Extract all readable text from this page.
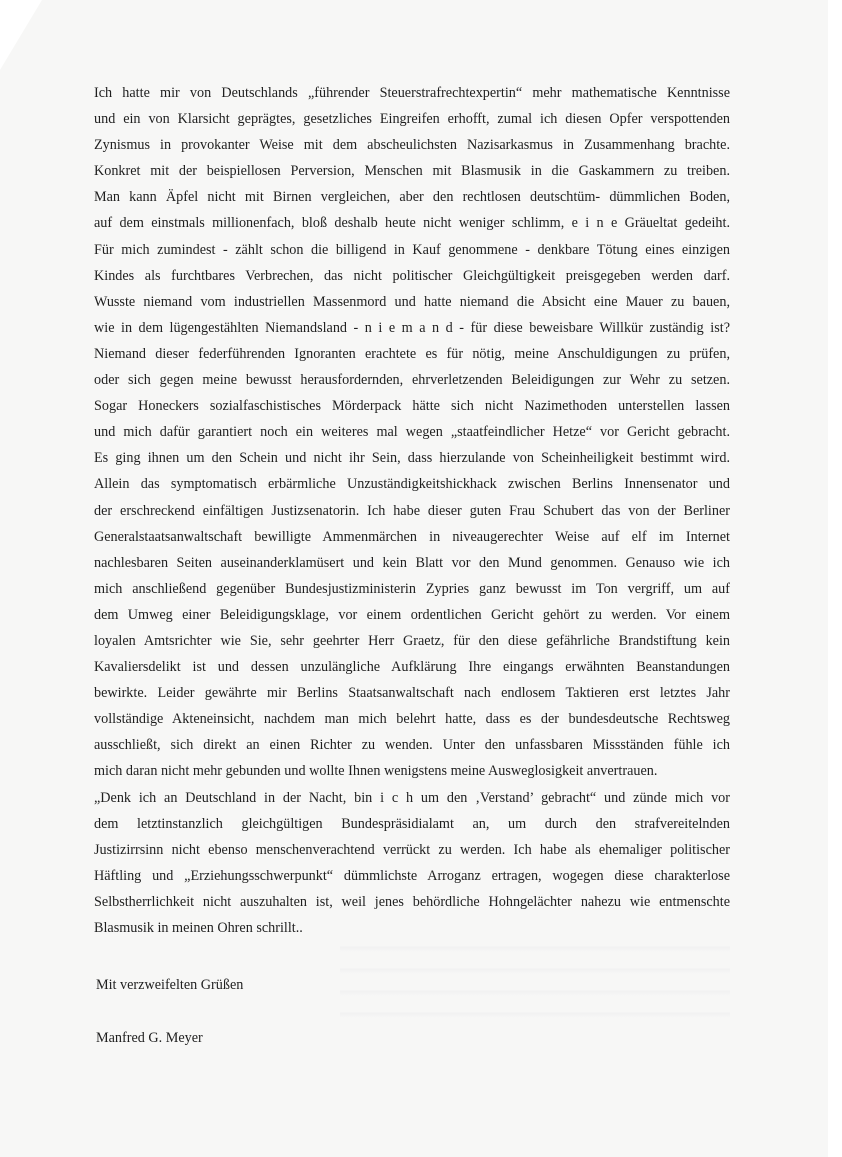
Ich hatte mir von Deutschlands „führender Steuerstrafrechtexpertin“ mehr mathematische Kenntnisse
und ein von Klarsicht geprägtes, gesetzliches Eingreifen erhofft, zumal ich diesen Opfer verspottenden
Zynismus in provokanter Weise mit dem abscheulichsten Nazisarkasmus in Zusammenhang brachte.
Konkret mit der beispiellosen Perversion, Menschen mit Blasmusik in die Gaskammern zu treiben.
Man kann Äpfel nicht mit Birnen vergleichen, aber den rechtlosen deutschtüm- dümmlichen Boden,
auf dem einstmals millionenfach, bloß deshalb heute nicht weniger schlimm, e i n e Gräueltat gedeiht.
Für mich zumindest - zählt schon die billigend in Kauf genommene - denkbare Tötung eines einzigen
Kindes als furchtbares Verbrechen, das nicht politischer Gleichgültigkeit preisgegeben werden darf.
Wusste niemand vom industriellen Massenmord und hatte niemand die Absicht eine Mauer zu bauen,
wie in dem lügengestählten Niemandsland - n i e m a n d - für diese beweisbare Willkür zuständig ist?
Niemand dieser federführenden Ignoranten erachtete es für nötig, meine Anschuldigungen zu prüfen,
oder sich gegen meine bewusst herausfordernden, ehrverletzenden Beleidigungen zur Wehr zu setzen.
Sogar Honeckers sozialfaschistisches Mörderpack hätte sich nicht Nazimethoden unterstellen lassen
und mich dafür garantiert noch ein weiteres mal wegen „staatfeindlicher Hetze“ vor Gericht gebracht.
Es ging ihnen um den Schein und nicht ihr Sein, dass hierzulande von Scheinheiligkeit bestimmt wird.
Allein das symptomatisch erbärmliche Unzuständigkeitshickhack zwischen Berlins Innensenator und
der erschreckend einfältigen Justizsenatorin. Ich habe dieser guten Frau Schubert das von der Berliner
Generalstaatsanwaltschaft bewilligte Ammenmärchen in niveaugerechter Weise auf elf im Internet
nachlesbaren Seiten auseinanderklamüsert und kein Blatt vor den Mund genommen. Genauso wie ich
mich anschließend gegenüber Bundesjustizministerin Zypries ganz bewusst im Ton vergriff, um auf
dem Umweg einer Beleidigungsklage, vor einem ordentlichen Gericht gehört zu werden. Vor einem
loyalen Amtsrichter wie Sie, sehr geehrter Herr Graetz, für den diese gefährliche Brandstiftung kein
Kavaliersdelikt ist und dessen unzulängliche Aufklärung Ihre eingangs erwähnten Beanstandungen
bewirkte. Leider gewährte mir Berlins Staatsanwaltschaft nach endlosem Taktieren erst letztes Jahr
vollständige Akteneinsicht, nachdem man mich belehrt hatte, dass es der bundesdeutsche Rechtsweg
ausschließt, sich direkt an einen Richter zu wenden. Unter den unfassbaren Missständen fühle ich
mich daran nicht mehr gebunden und wollte Ihnen wenigstens meine Ausweglosigkeit anvertrauen.
„Denk ich an Deutschland in der Nacht, bin i c h um den ‚Verstand’ gebracht“ und zünde mich vor
dem letztinstanzlich gleichgültigen Bundespräsidialamt an, um durch den strafvereitelnden
Justizirrsinn nicht ebenso menschenverachtend verrückt zu werden. Ich habe als ehemaliger politischer
Häftling und „Erziehungsschwerpunkt“ dümmlichste Arroganz ertragen, wogegen diese charakterlose
Selbstherrlichkeit nicht auszuhalten ist, weil jenes behördliche Hohngelächter nahezu wie entmenschte
Blasmusik in meinen Ohren schrillt..

Mit verzweifelten Grüßen

Manfred G. Meyer
